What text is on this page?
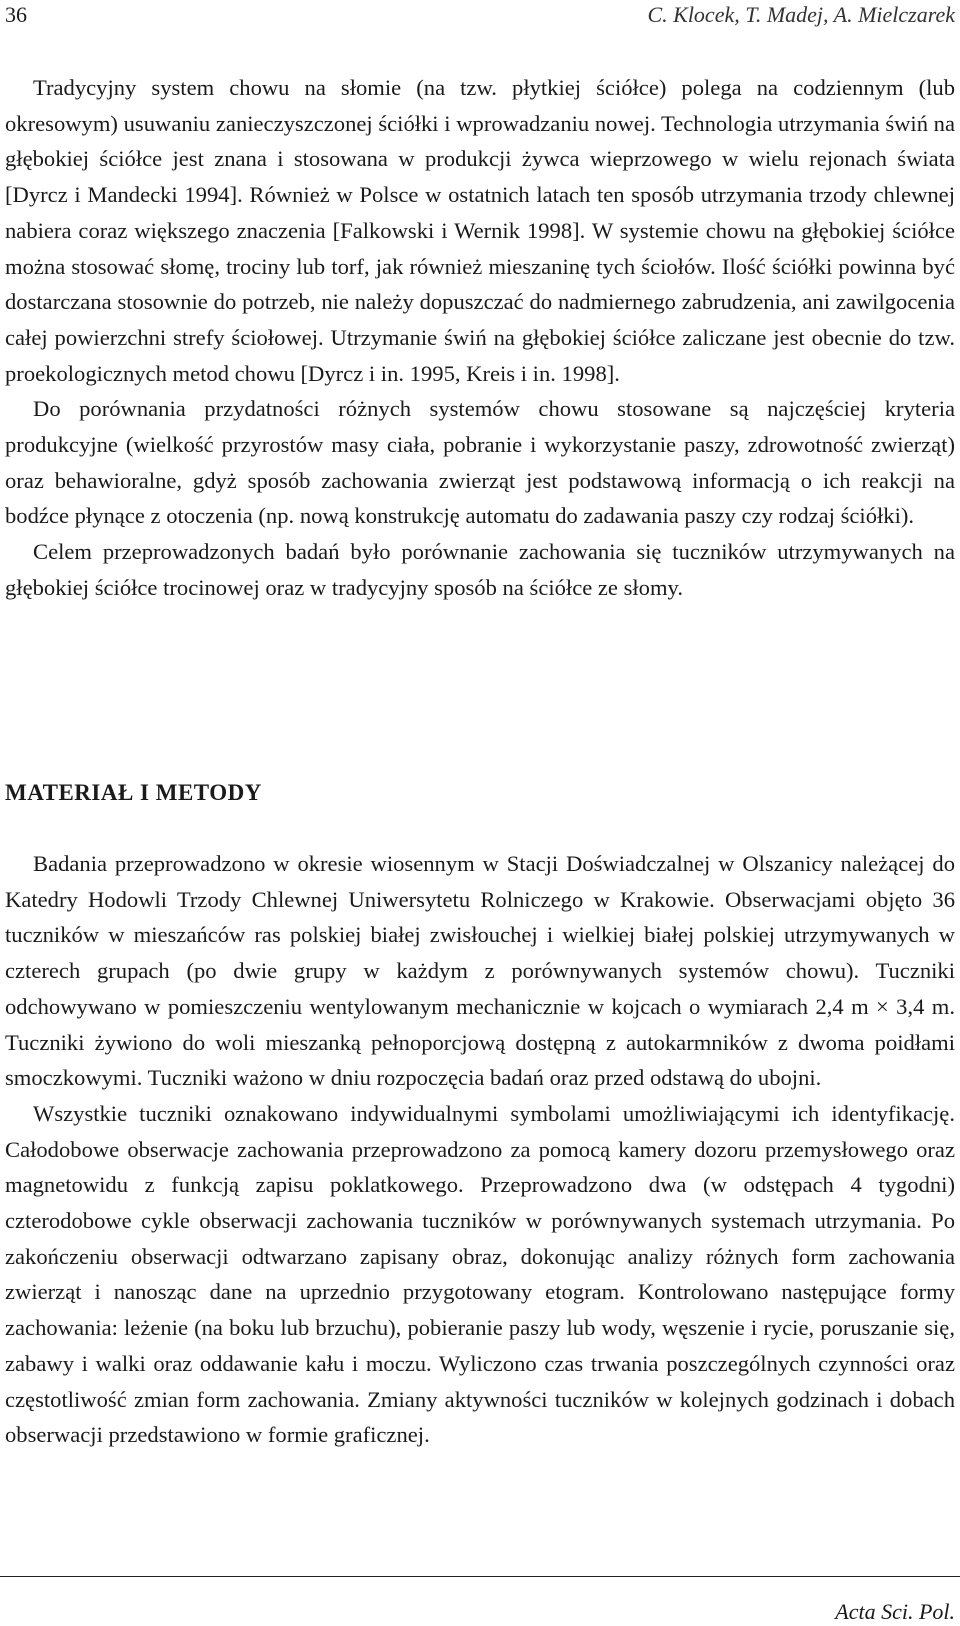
36	C. Klocek, T. Madej, A. Mielczarek

Tradycyjny system chowu na słomie (na tzw. płytkiej ściółce) polega na codziennym (lub okresowym) usuwaniu zanieczyszczonej ściółki i wprowadzaniu nowej. Technologia utrzymania świń na głębokiej ściółce jest znana i stosowana w produkcji żywca wieprzowego w wielu rejonach świata [Dyrcz i Mandecki 1994]. Również w Polsce w ostatnich latach ten sposób utrzymania trzody chlewnej nabiera coraz większego znaczenia [Falkowski i Wernik 1998]. W systemie chowu na głębokiej ściółce można stosować słomę, trociny lub torf, jak również mieszaninę tych ściołów. Ilość ściółki powinna być dostarczana stosownie do potrzeb, nie należy dopuszczać do nadmiernego zabrudzenia, ani zawilgocenia całej powierzchni strefy ściołowej. Utrzymanie świń na głębokiej ściółce zaliczane jest obecnie do tzw. proekologicznych metod chowu [Dyrcz i in. 1995, Kreis i in. 1998].

Do porównania przydatności różnych systemów chowu stosowane są najczęściej kryteria produkcyjne (wielkość przyrostów masy ciała, pobranie i wykorzystanie paszy, zdrowotność zwierząt) oraz behawioralne, gdyż sposób zachowania zwierząt jest podstawową informacją o ich reakcji na bodźce płynące z otoczenia (np. nową konstrukcję automatu do zadawania paszy czy rodzaj ściółki).

Celem przeprowadzonych badań było porównanie zachowania się tuczników utrzymywanych na głębokiej ściółce trocinowej oraz w tradycyjny sposób na ściółce ze słomy.

MATERIAŁ I METODY

Badania przeprowadzono w okresie wiosennym w Stacji Doświadczalnej w Olszanicy należącej do Katedry Hodowli Trzody Chlewnej Uniwersytetu Rolniczego w Krakowie. Obserwacjami objęto 36 tuczników w mieszańców ras polskiej białej zwisłouchej i wielkiej białej polskiej utrzymywanych w czterech grupach (po dwie grupy w każdym z porównywanych systemów chowu). Tuczniki odchowywano w pomieszczeniu wentylowanym mechanicznie w kojcach o wymiarach 2,4 m × 3,4 m. Tuczniki żywiono do woli mieszanką pełnoporcjową dostępną z autokarmników z dwoma poidłami smoczkowymi. Tuczniki ważono w dniu rozpoczęcia badań oraz przed odstawą do ubojni.

Wszystkie tuczniki oznakowano indywidualnymi symbolami umożliwiającymi ich identyfikację. Całodobowe obserwacje zachowania przeprowadzono za pomocą kamery dozoru przemysłowego oraz magnetowidu z funkcją zapisu poklatkowego. Przeprowadzono dwa (w odstępach 4 tygodni) czterodobowe cykle obserwacji zachowania tuczników w porównywanych systemach utrzymania. Po zakończeniu obserwacji odtwarzano zapisany obraz, dokonując analizy różnych form zachowania zwierząt i nanosząc dane na uprzednio przygotowany etogram. Kontrolowano następujące formy zachowania: leżenie (na boku lub brzuchu), pobieranie paszy lub wody, węszenie i rycie, poruszanie się, zabawy i walki oraz oddawanie kału i moczu. Wyliczono czas trwania poszczególnych czynności oraz częstotliwość zmian form zachowania. Zmiany aktywności tuczników w kolejnych godzinach i dobach obserwacji przedstawiono w formie graficznej.

Acta Sci. Pol.
